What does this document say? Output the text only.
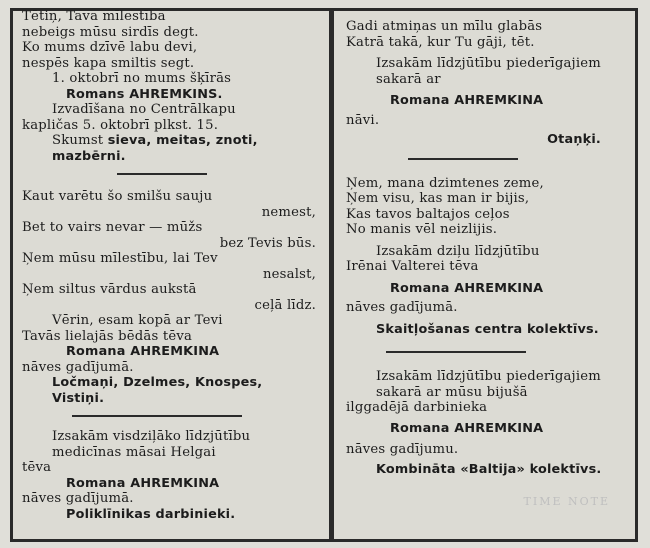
Tētiņ, Tava mīlestība

nebeigs mūsu sirdīs degt.

Ko mums dzīvē labu devi,

nespēs kapa smiltis segt.

1. oktobrī no mums šķīrās

Romans AHREMKINS.

Izvadīšana no Centrālkapu

kapličas 5. oktobrī plkst. 15.

Skumst sieva, meitas, znoti, mazbērni.

Kaut varētu šo smilšu sauju

nemest,

Bet to vairs nevar — mūžs

bez Tevis būs.

Ņem mūsu mīlestību, lai Tev

nesalst,

Ņem siltus vārdus aukstā

ceļā līdz.

Vērin, esam kopā ar Tevi

Tavās lielajās bēdās tēva

Romana AHREMKINA

nāves gadījumā.

Ločmaņi, Dzelmes, Knospes, Vistiņi.

Izsakām visdziļāko līdzjūtību medicīnas māsai Helgai

tēva

Romana AHREMKINA

nāves gadījumā.

Poliklīnikas darbinieki.

Gadi atmiņas un mīlu glabās

Katrā takā, kur Tu gāji, tēt.

Izsakām līdzjūtību piederīgajiem sakarā ar

Romana AHREMKINA

nāvi.

Otaņķi.

Ņem, mana dzimtenes zeme,

Ņem visu, kas man ir bijis,

Kas tavos baltajos ceļos

No manis vēl neizlijis.

Izsakām dziļu līdzjūtību

Irēnai Valterei tēva

Romana AHREMKINA

nāves gadījumā.

Skaitļošanas centra kolektīvs.

Izsakām līdzjūtību piederīgajiem sakarā ar mūsu bijušā

ilggadējā darbinieka

Romana AHREMKINA

nāves gadījumu.

Kombināta «Baltija» kolektīvs.

TIME NOTE
